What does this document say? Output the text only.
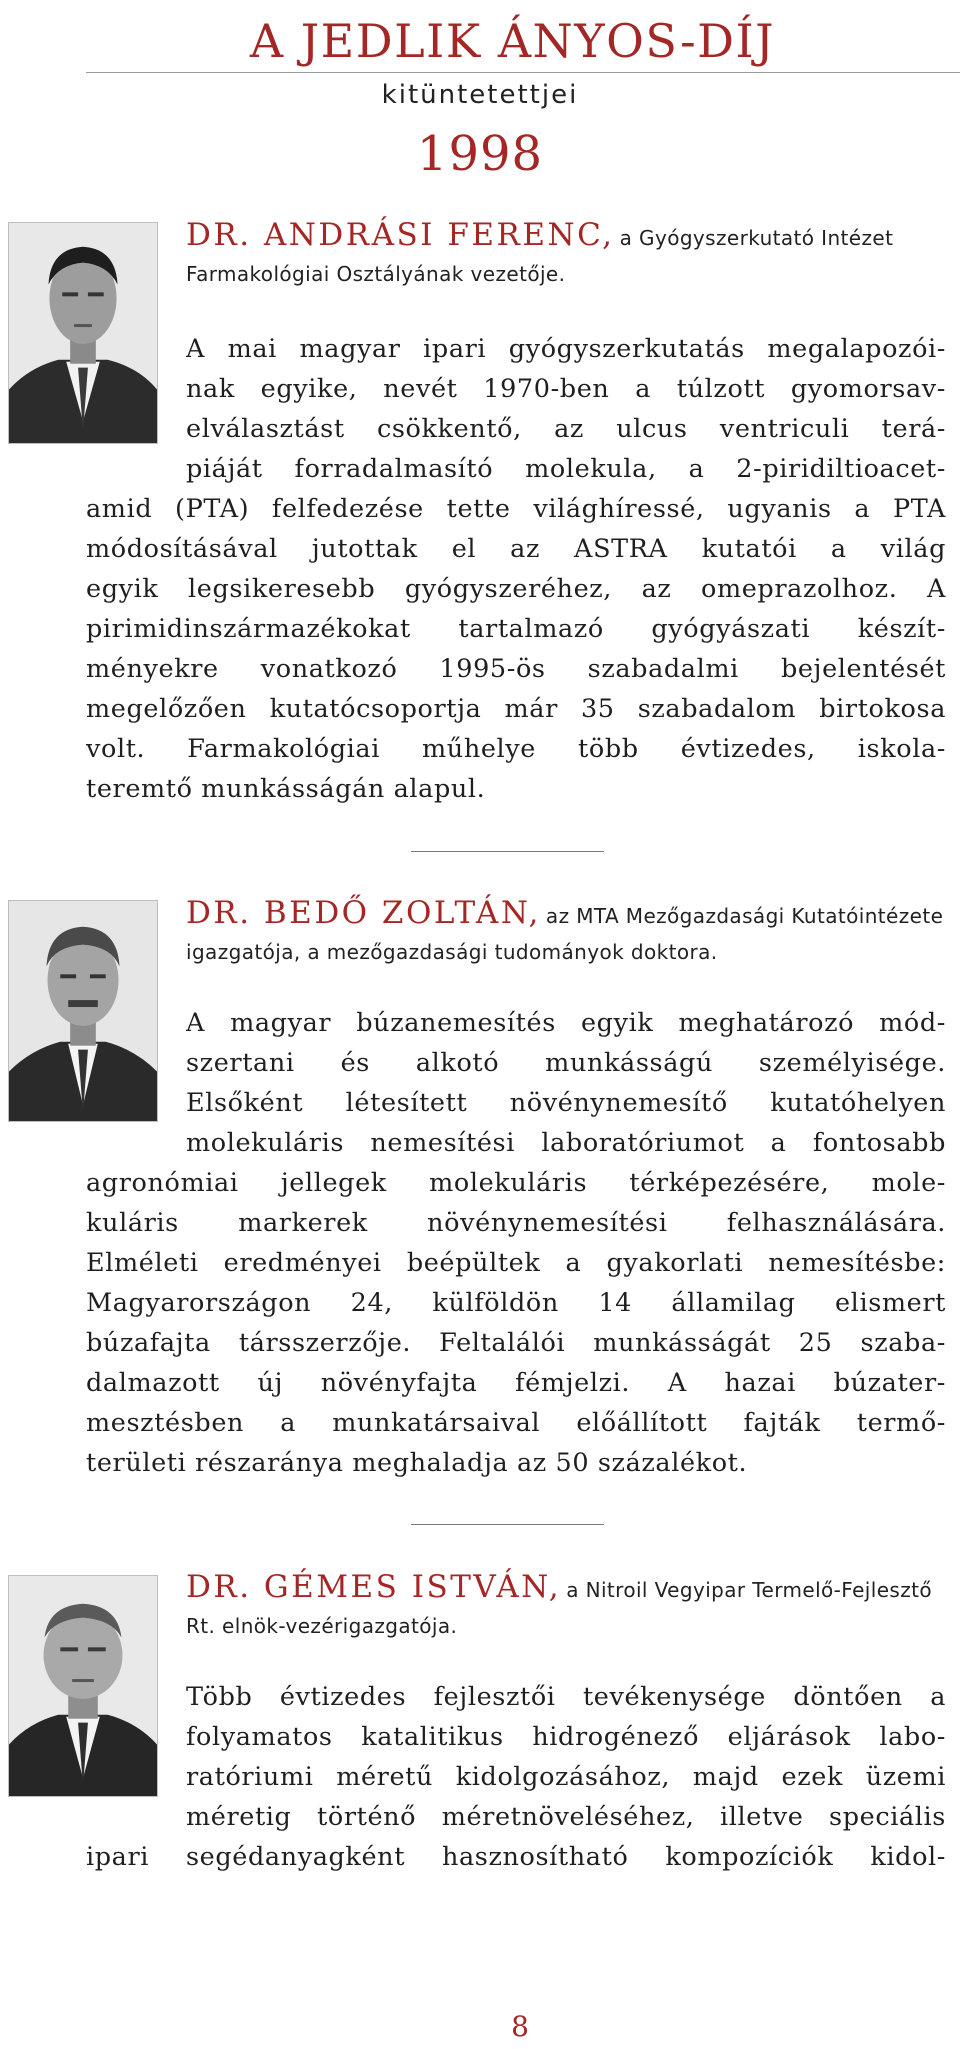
A JEDLIK ÁNYOS-DÍJ
kitüntetettjei
1998

DR. ANDRÁSI FERENC, a Gyógyszerkutató Intézet Farmakológiai Osztályának vezetője.

A mai magyar ipari gyógyszerkutatás megalapozói-
nak egyike, nevét 1970-ben a túlzott gyomorsav-
elválasztást csökkentő, az ulcus ventriculi terá-
piáját forradalmasító molekula, a 2-piridiltioacet-
amid (PTA) felfedezése tette világhíressé, ugyanis a PTA
módosításával jutottak el az ASTRA kutatói a világ
egyik legsikeresebb gyógyszeréhez, az omeprazolhoz. A
pirimidinszármazékokat tartalmazó gyógyászati készít-
ményekre vonatkozó 1995-ös szabadalmi bejelentését
megelőzően kutatócsoportja már 35 szabadalom birtokosa
volt. Farmakológiai műhelye több évtizedes, iskola-
teremtő munkásságán alapul.

DR. BEDŐ ZOLTÁN, az MTA Mezőgazdasági Kutatóintézete igazgatója, a mezőgazdasági tudományok doktora.

A magyar búzanemesítés egyik meghatározó mód-
szertani és alkotó munkásságú személyisége.
Elsőként létesített növénynemesítő kutatóhelyen
molekuláris nemesítési laboratóriumot a fontosabb
agronómiai jellegek molekuláris térképezésére, mole-
kuláris markerek növénynemesítési felhasználására.
Elméleti eredményei beépültek a gyakorlati nemesítésbe:
Magyarországon 24, külföldön 14 államilag elismert
búzafajta társszerzője. Feltalálói munkásságát 25 szaba-
dalmazott új növényfajta fémjelzi. A hazai búzater-
mesztésben a munkatársaival előállított fajták termő-
területi részaránya meghaladja az 50 százalékot.

DR. GÉMES ISTVÁN, a Nitroil Vegyipar Termelő-Fejlesztő Rt. elnök-vezérigazgatója.

Több évtizedes fejlesztői tevékenysége döntően a
folyamatos katalitikus hidrogénező eljárások labo-
ratóriumi méretű kidolgozásához, majd ezek üzemi
méretig történő méretnöveléséhez, illetve speciális
ipari segédanyagként hasznosítható kompozíciók kidol-
8
